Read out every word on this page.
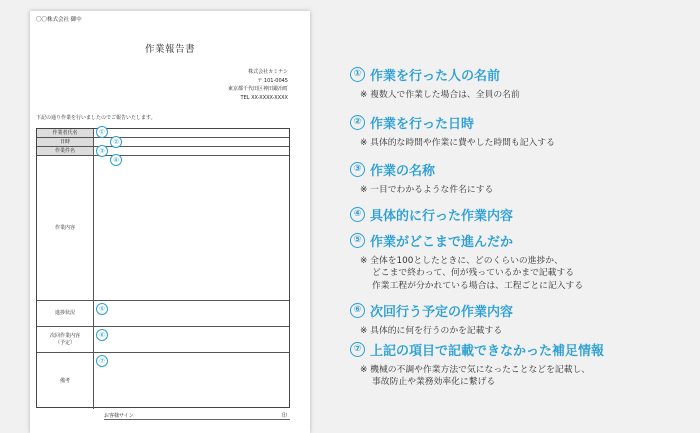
〇〇株式会社 御中
作業報告書
株式会社カミナシ
〒 101-0045
東京都千代田区神田鍛冶町
TEL XX-XXXX-XXXX
下記の通り作業を行いましたのでご報告いたします。
作業者氏名
日時
作業件名
作業内容
進捗状況
次回作業内容
（予定）
備考
①
②
③
④
⑤
⑥
⑦
お客様サイン	印
① 作業を行った人の名前
※ 複数人で作業した場合は、全員の名前
② 作業を行った日時
※ 具体的な時間や作業に費やした時間も記入する
③ 作業の名称
※ 一目でわかるような件名にする
④ 具体的に行った作業内容
⑤ 作業がどこまで進んだか
※ 全体を100としたときに、どのくらいの進捗か、
どこまで終わって、何が残っているかまで記載する
作業工程が分かれている場合は、工程ごとに記入する
⑥ 次回行う予定の作業内容
※ 具体的に何を行うのかを記載する
⑦ 上記の項目で記載できなかった補足情報
※ 機械の不調や作業方法で気になったことなどを記載し、
事故防止や業務効率化に繋げる
